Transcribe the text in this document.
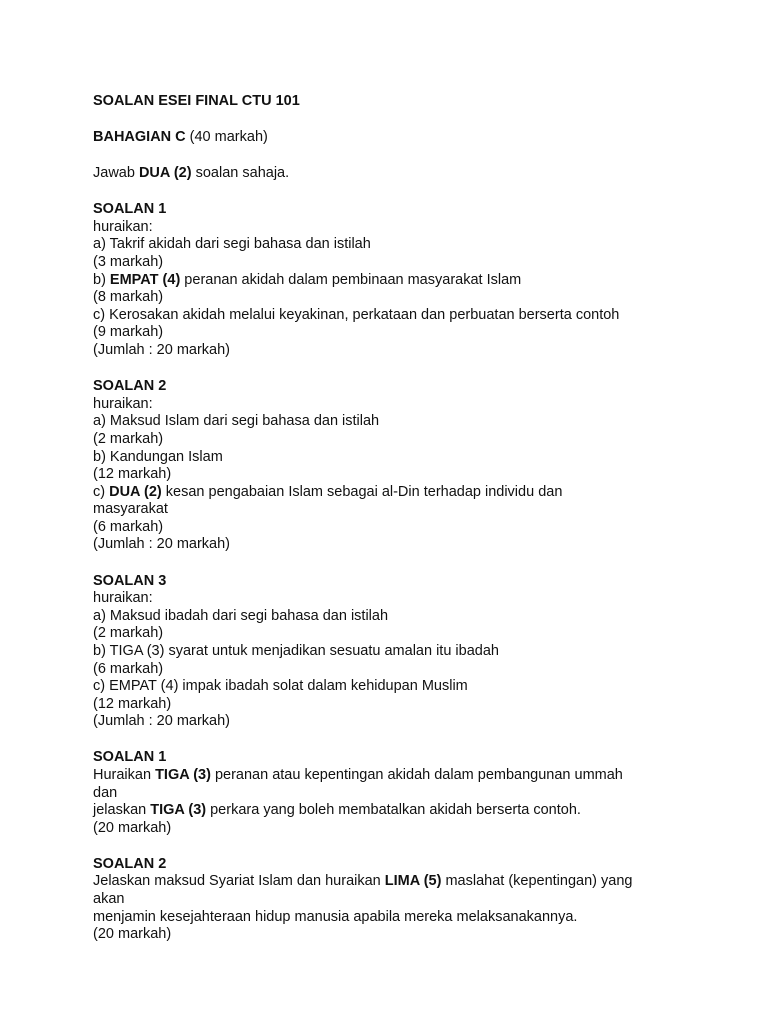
SOALAN ESEI FINAL CTU 101
BAHAGIAN C (40 markah)
Jawab DUA (2) soalan sahaja.
SOALAN 1
huraikan:
a) Takrif akidah dari segi bahasa dan istilah
(3 markah)
b) EMPAT (4) peranan akidah dalam pembinaan masyarakat Islam
(8 markah)
c) Kerosakan akidah melalui keyakinan, perkataan dan perbuatan berserta contoh
(9 markah)
(Jumlah : 20 markah)
SOALAN 2
huraikan:
a) Maksud Islam dari segi bahasa dan istilah
(2 markah)
b) Kandungan Islam
(12 markah)
c) DUA (2) kesan pengabaian Islam sebagai al-Din terhadap individu dan
masyarakat
(6 markah)
(Jumlah : 20 markah)
SOALAN 3
huraikan:
a) Maksud ibadah dari segi bahasa dan istilah
(2 markah)
b) TIGA (3) syarat untuk menjadikan sesuatu amalan itu ibadah
(6 markah)
c) EMPAT (4) impak ibadah solat dalam kehidupan Muslim
(12 markah)
(Jumlah : 20 markah)
SOALAN 1
Huraikan TIGA (3) peranan atau kepentingan akidah dalam pembangunan ummah
dan
jelaskan TIGA (3) perkara yang boleh membatalkan akidah berserta contoh.
(20 markah)
SOALAN 2
Jelaskan maksud Syariat Islam dan huraikan LIMA (5) maslahat (kepentingan) yang
akan
menjamin kesejahteraan hidup manusia apabila mereka melaksanakannya.
(20 markah)
